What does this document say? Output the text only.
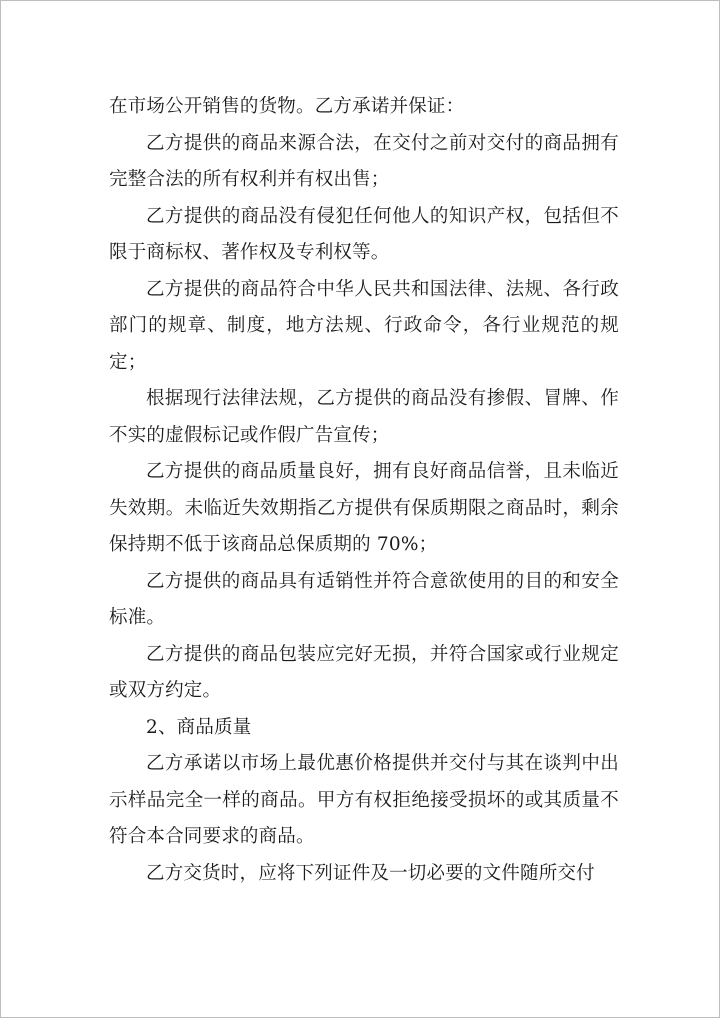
在市场公开销售的货物。乙方承诺并保证：

乙方提供的商品来源合法，在交付之前对交付的商品拥有完整合法的所有权利并有权出售；

乙方提供的商品没有侵犯任何他人的知识产权，包括但不限于商标权、著作权及专利权等。

乙方提供的商品符合中华人民共和国法律、法规、各行政部门的规章、制度，地方法规、行政命令，各行业规范的规定；

根据现行法律法规，乙方提供的商品没有掺假、冒牌、作不实的虚假标记或作假广告宣传；

乙方提供的商品质量良好，拥有良好商品信誉，且未临近失效期。未临近失效期指乙方提供有保质期限之商品时，剩余保持期不低于该商品总保质期的 70%；

乙方提供的商品具有适销性并符合意欲使用的目的和安全标准。

乙方提供的商品包装应完好无损，并符合国家或行业规定或双方约定。

2、商品质量

乙方承诺以市场上最优惠价格提供并交付与其在谈判中出示样品完全一样的商品。甲方有权拒绝接受损坏的或其质量不符合本合同要求的商品。

乙方交货时，应将下列证件及一切必要的文件随所交付
